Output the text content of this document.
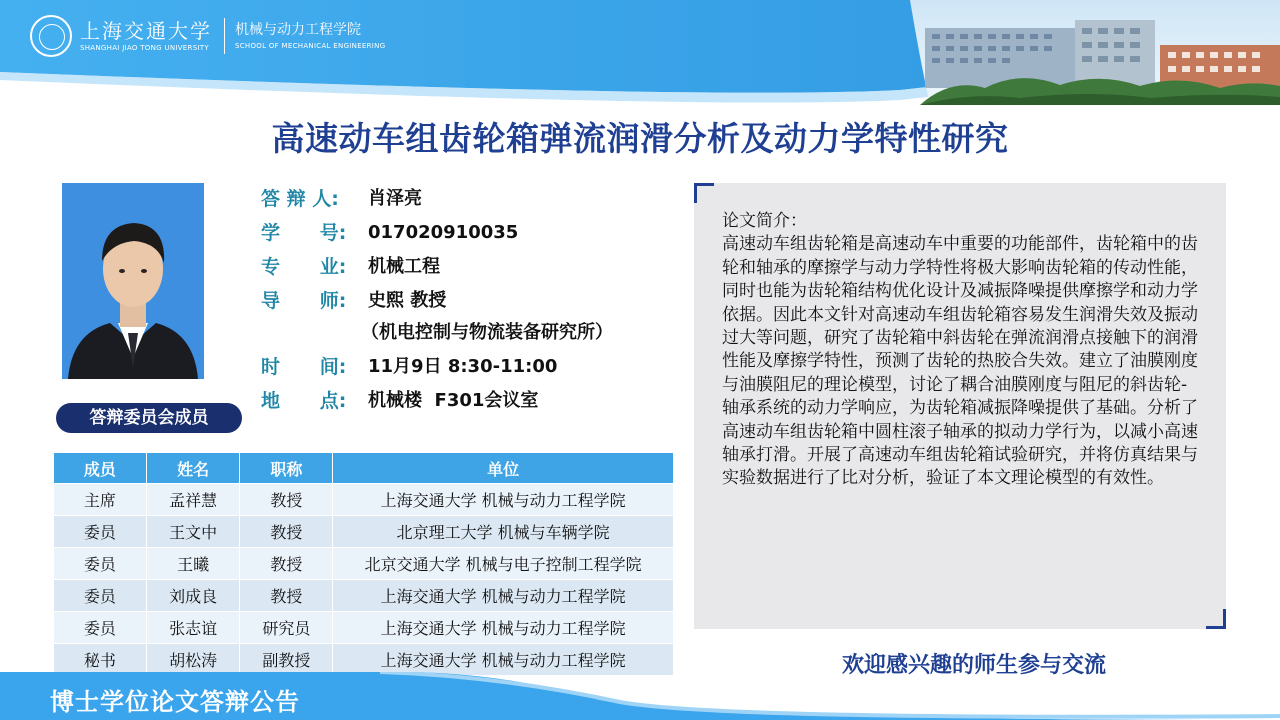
上海交通大学
SHANGHAI JIAO TONG UNIVERSITY
机械与动力工程学院
SCHOOL OF MECHANICAL ENGINEERING
高速动车组齿轮箱弹流润滑分析及动力学特性研究
答 辩 人: 肖泽亮
学      号: 017020910035
专      业: 机械工程
导      师: 史熙 教授
（机电控制与物流装备研究所）
时      间: 11月9日 8:30-11:00
地      点: 机械楼  F301会议室
答辩委员会成员
成员	姓名	职称	单位
主席	孟祥慧	教授	上海交通大学 机械与动力工程学院
委员	王文中	教授	北京理工大学 机械与车辆学院
委员	王曦	教授	北京交通大学 机械与电子控制工程学院
委员	刘成良	教授	上海交通大学 机械与动力工程学院
委员	张志谊	研究员	上海交通大学 机械与动力工程学院
秘书	胡松涛	副教授	上海交通大学 机械与动力工程学院
论文简介：
高速动车组齿轮箱是高速动车中重要的功能部件，齿轮箱中的齿轮和轴承的摩擦学与动力学特性将极大影响齿轮箱的传动性能，同时也能为齿轮箱结构优化设计及减振降噪提供摩擦学和动力学依据。因此本文针对高速动车组齿轮箱容易发生润滑失效及振动过大等问题，研究了齿轮箱中斜齿轮在弹流润滑点接触下的润滑性能及摩擦学特性，预测了齿轮的热胶合失效。建立了油膜刚度与油膜阻尼的理论模型，讨论了耦合油膜刚度与阻尼的斜齿轮-轴承系统的动力学响应，为齿轮箱减振降噪提供了基础。分析了高速动车组齿轮箱中圆柱滚子轴承的拟动力学行为，以减小高速轴承打滑。开展了高速动车组齿轮箱试验研究，并将仿真结果与实验数据进行了比对分析，验证了本文理论模型的有效性。
欢迎感兴趣的师生参与交流
博士学位论文答辩公告
